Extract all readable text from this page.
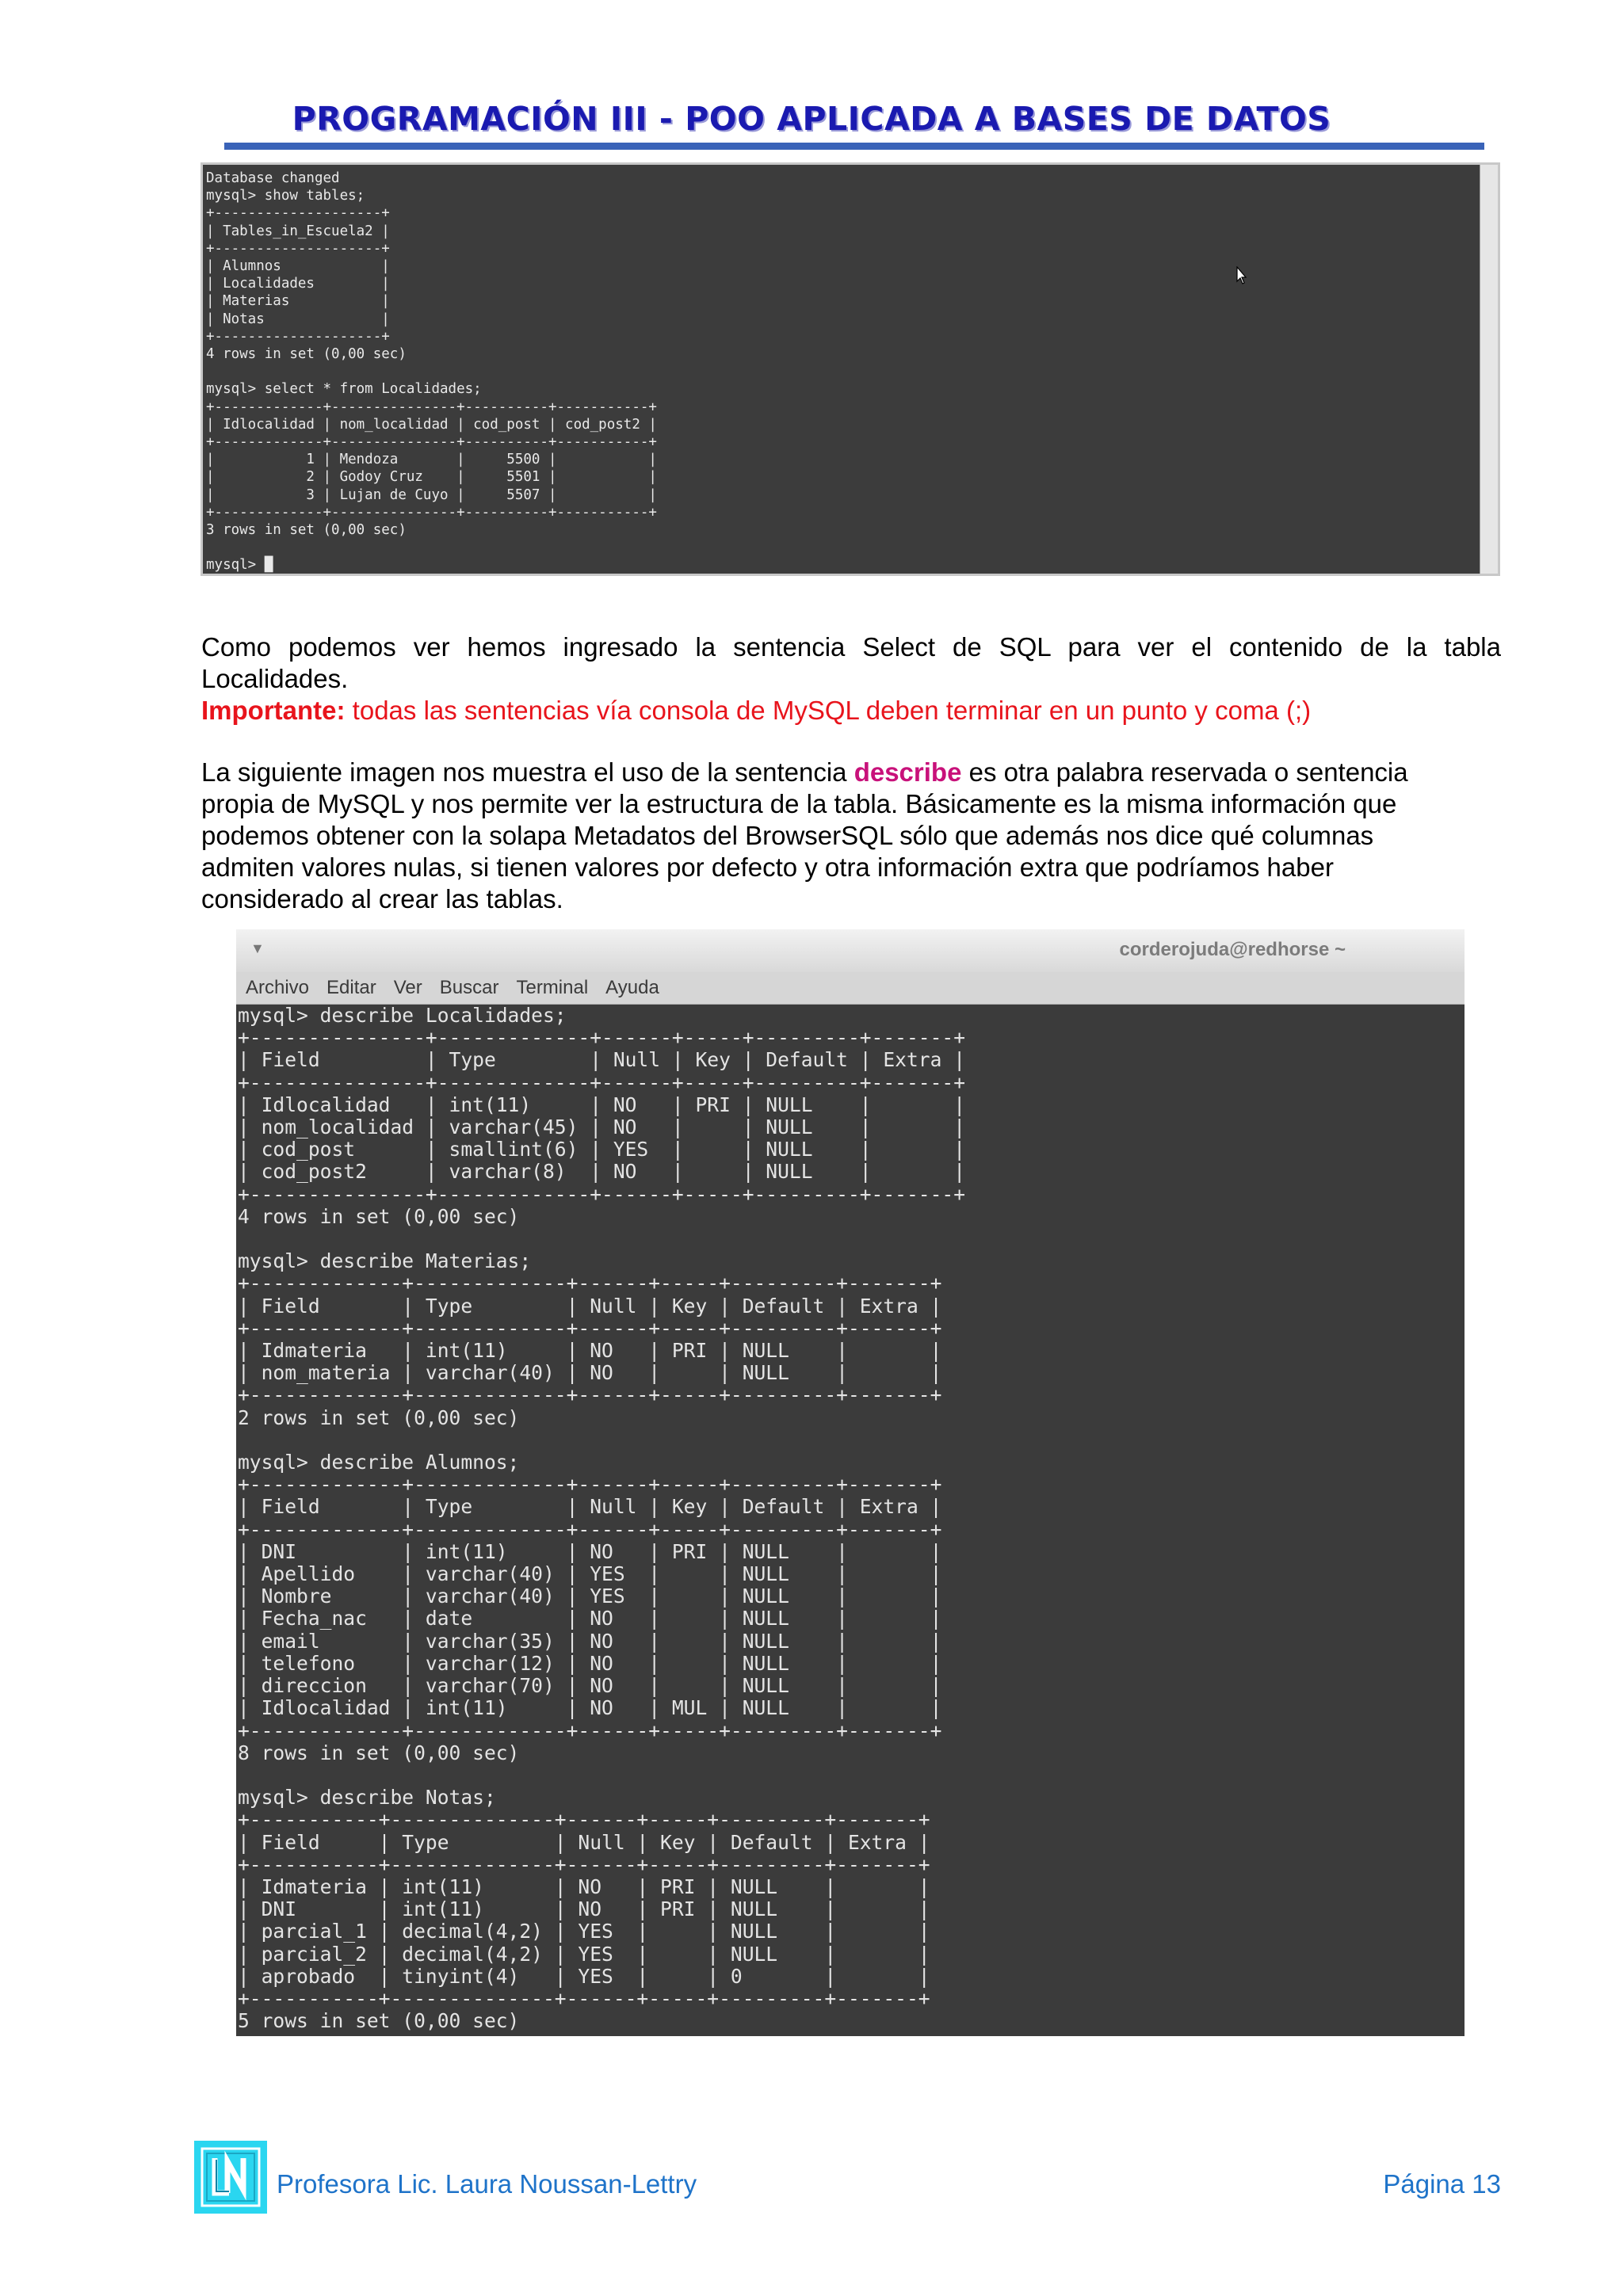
PROGRAMACIÓN III - POO APLICADA A BASES DE DATOS
Database changed
mysql> show tables;
+--------------------+
| Tables_in_Escuela2 |
+--------------------+
| Alumnos            |
| Localidades        |
| Materias           |
| Notas              |
+--------------------+
4 rows in set (0,00 sec)

mysql> select * from Localidades;
+-------------+---------------+----------+-----------+
| Idlocalidad | nom_localidad | cod_post | cod_post2 |
+-------------+---------------+----------+-----------+
|           1 | Mendoza       |     5500 |           |
|           2 | Godoy Cruz    |     5501 |           |
|           3 | Lujan de Cuyo |     5507 |           |
+-------------+---------------+----------+-----------+
3 rows in set (0,00 sec)

mysql> █
Como podemos ver hemos ingresado la sentencia Select de SQL para ver el contenido de la tabla
Localidades.
Importante: todas las sentencias vía consola de MySQL deben terminar en un punto y coma (;)
La siguiente imagen nos muestra el uso de la sentencia describe es otra palabra reservada o sentencia
propia de MySQL y nos permite ver la estructura de la tabla. Básicamente es la misma información que
podemos obtener con la solapa Metadatos del BrowserSQL sólo que además nos dice qué columnas
admiten valores nulas, si tienen valores por defecto y otra información extra que podríamos haber
considerado al crear las tablas.
▼	corderojuda@redhorse ~
Archivo Editar Ver Buscar Terminal Ayuda
mysql> describe Localidades;
+---------------+-------------+------+-----+---------+-------+
| Field         | Type        | Null | Key | Default | Extra |
+---------------+-------------+------+-----+---------+-------+
| Idlocalidad   | int(11)     | NO   | PRI | NULL    |       |
| nom_localidad | varchar(45) | NO   |     | NULL    |       |
| cod_post      | smallint(6) | YES  |     | NULL    |       |
| cod_post2     | varchar(8)  | NO   |     | NULL    |       |
+---------------+-------------+------+-----+---------+-------+
4 rows in set (0,00 sec)

mysql> describe Materias;
+-------------+-------------+------+-----+---------+-------+
| Field       | Type        | Null | Key | Default | Extra |
+-------------+-------------+------+-----+---------+-------+
| Idmateria   | int(11)     | NO   | PRI | NULL    |       |
| nom_materia | varchar(40) | NO   |     | NULL    |       |
+-------------+-------------+------+-----+---------+-------+
2 rows in set (0,00 sec)

mysql> describe Alumnos;
+-------------+-------------+------+-----+---------+-------+
| Field       | Type        | Null | Key | Default | Extra |
+-------------+-------------+------+-----+---------+-------+
| DNI         | int(11)     | NO   | PRI | NULL    |       |
| Apellido    | varchar(40) | YES  |     | NULL    |       |
| Nombre      | varchar(40) | YES  |     | NULL    |       |
| Fecha_nac   | date        | NO   |     | NULL    |       |
| email       | varchar(35) | NO   |     | NULL    |       |
| telefono    | varchar(12) | NO   |     | NULL    |       |
| direccion   | varchar(70) | NO   |     | NULL    |       |
| Idlocalidad | int(11)     | NO   | MUL | NULL    |       |
+-------------+-------------+------+-----+---------+-------+
8 rows in set (0,00 sec)

mysql> describe Notas;
+-----------+--------------+------+-----+---------+-------+
| Field     | Type         | Null | Key | Default | Extra |
+-----------+--------------+------+-----+---------+-------+
| Idmateria | int(11)      | NO   | PRI | NULL    |       |
| DNI       | int(11)      | NO   | PRI | NULL    |       |
| parcial_1 | decimal(4,2) | YES  |     | NULL    |       |
| parcial_2 | decimal(4,2) | YES  |     | NULL    |       |
| aprobado  | tinyint(4)   | YES  |     | 0       |       |
+-----------+--------------+------+-----+---------+-------+
5 rows in set (0,00 sec)
Profesora Lic. Laura Noussan-Lettry	Página 13
